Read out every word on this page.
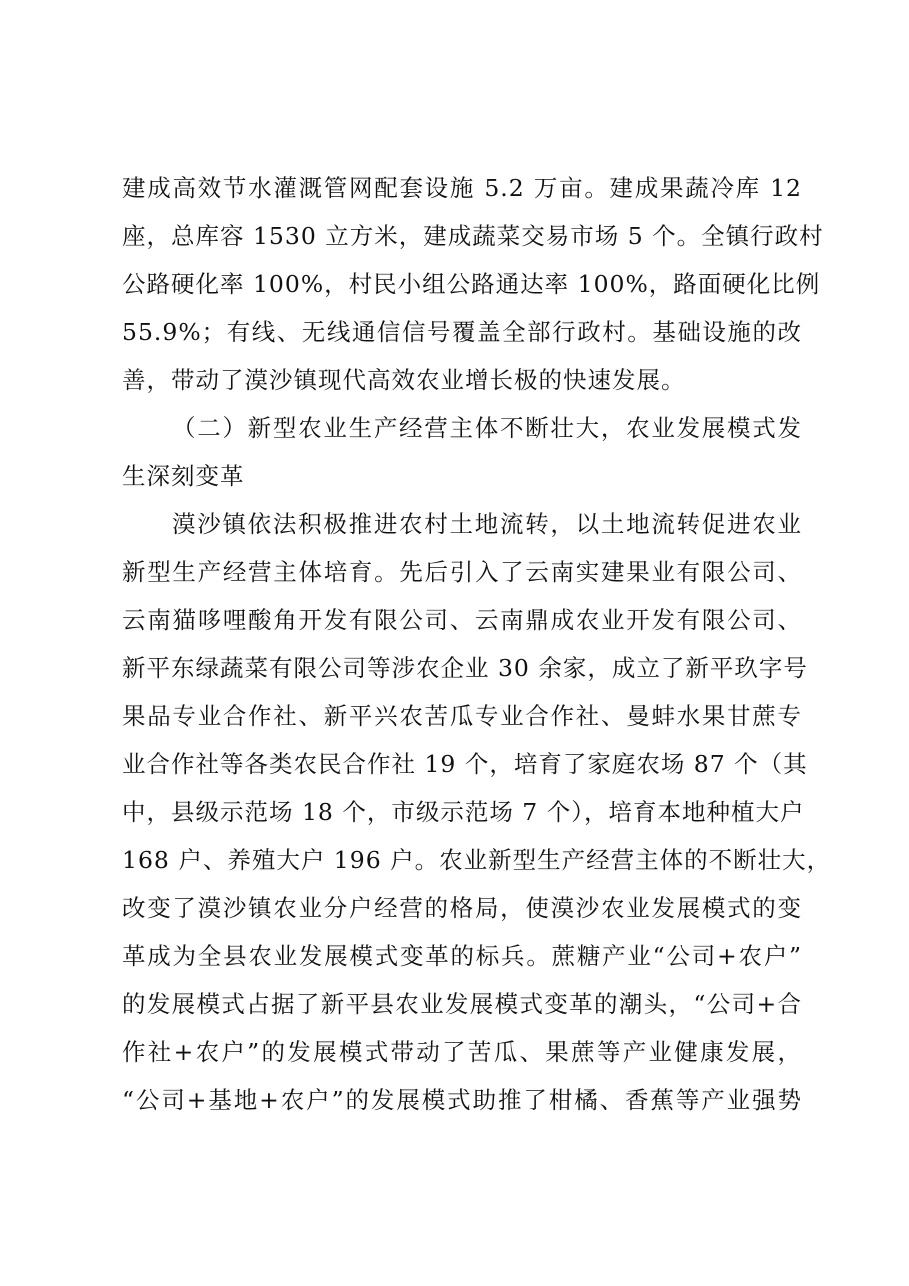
建成高效节水灌溉管网配套设施 5.2 万亩。建成果蔬冷库 12
座，总库容 1530 立方米，建成蔬菜交易市场 5 个。全镇行政村
公路硬化率 100%，村民小组公路通达率 100%，路面硬化比例
55.9%；有线、无线通信信号覆盖全部行政村。基础设施的改
善，带动了漠沙镇现代高效农业增长极的快速发展。
（二）新型农业生产经营主体不断壮大，农业发展模式发
生深刻变革
漠沙镇依法积极推进农村土地流转，以土地流转促进农业
新型生产经营主体培育。先后引入了云南实建果业有限公司、
云南猫哆哩酸角开发有限公司、云南鼎成农业开发有限公司、
新平东绿蔬菜有限公司等涉农企业 30 余家，成立了新平玖字号
果品专业合作社、新平兴农苦瓜专业合作社、曼蚌水果甘蔗专
业合作社等各类农民合作社 19 个，培育了家庭农场 87 个（其
中，县级示范场 18 个，市级示范场 7 个），培育本地种植大户
168 户、养殖大户 196 户。农业新型生产经营主体的不断壮大，
改变了漠沙镇农业分户经营的格局，使漠沙农业发展模式的变
革成为全县农业发展模式变革的标兵。蔗糖产业“公司+农户”
的发展模式占据了新平县农业发展模式变革的潮头，“公司+合
作社+农户”的发展模式带动了苦瓜、果蔗等产业健康发展，
“公司+基地+农户”的发展模式助推了柑橘、香蕉等产业强势
